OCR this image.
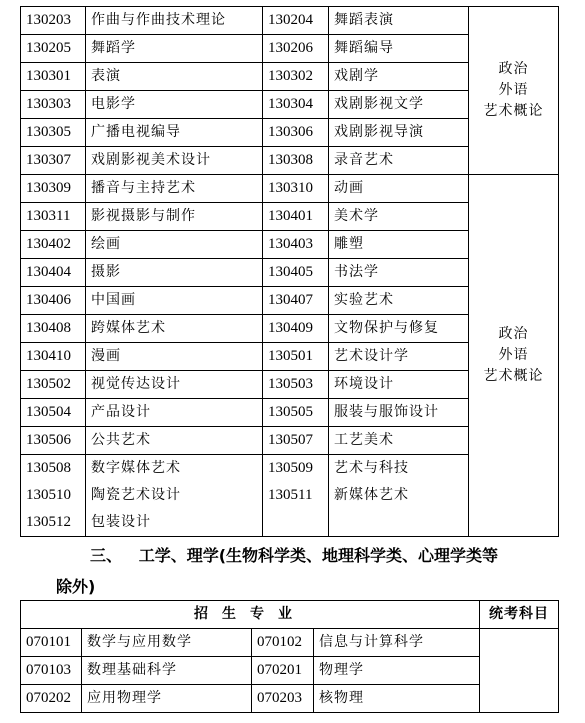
130203	作曲与作曲技术理论	130204	舞蹈表演	政治
外语
艺术概论

130205	舞蹈学	130206	舞蹈编导	
130301	表演	130302	戏剧学	
130303	电影学	130304	戏剧影视文学	
130305	广播电视编导	130306	戏剧影视导演	
130307	戏剧影视美术设计	130308	录音艺术	
130309	播音与主持艺术	130310	动画	政治
外语
艺术概论

130311	影视摄影与制作	130401	美术学	
130402	绘画	130403	雕塑	
130404	摄影	130405	书法学	
130406	中国画	130407	实验艺术	
130408	跨媒体艺术	130409	文物保护与修复	
130410	漫画	130501	艺术设计学	
130502	视觉传达设计	130503	环境设计	
130504	产品设计	130505	服装与服饰设计	
130506	公共艺术	130507	工艺美术	
130508	数字媒体艺术	130509	艺术与科技	
130510	陶瓷艺术设计	130511	新媒体艺术	
130512	包装设计			
三、 工学、理学(生物科学类、地理科学类、心理学类等
除外)
招生专业				统考科目
070101	数学与应用数学	070102	信息与计算科学	
070103	数理基础科学	070201	物理学	
070202	应用物理学	070203	核物理	
